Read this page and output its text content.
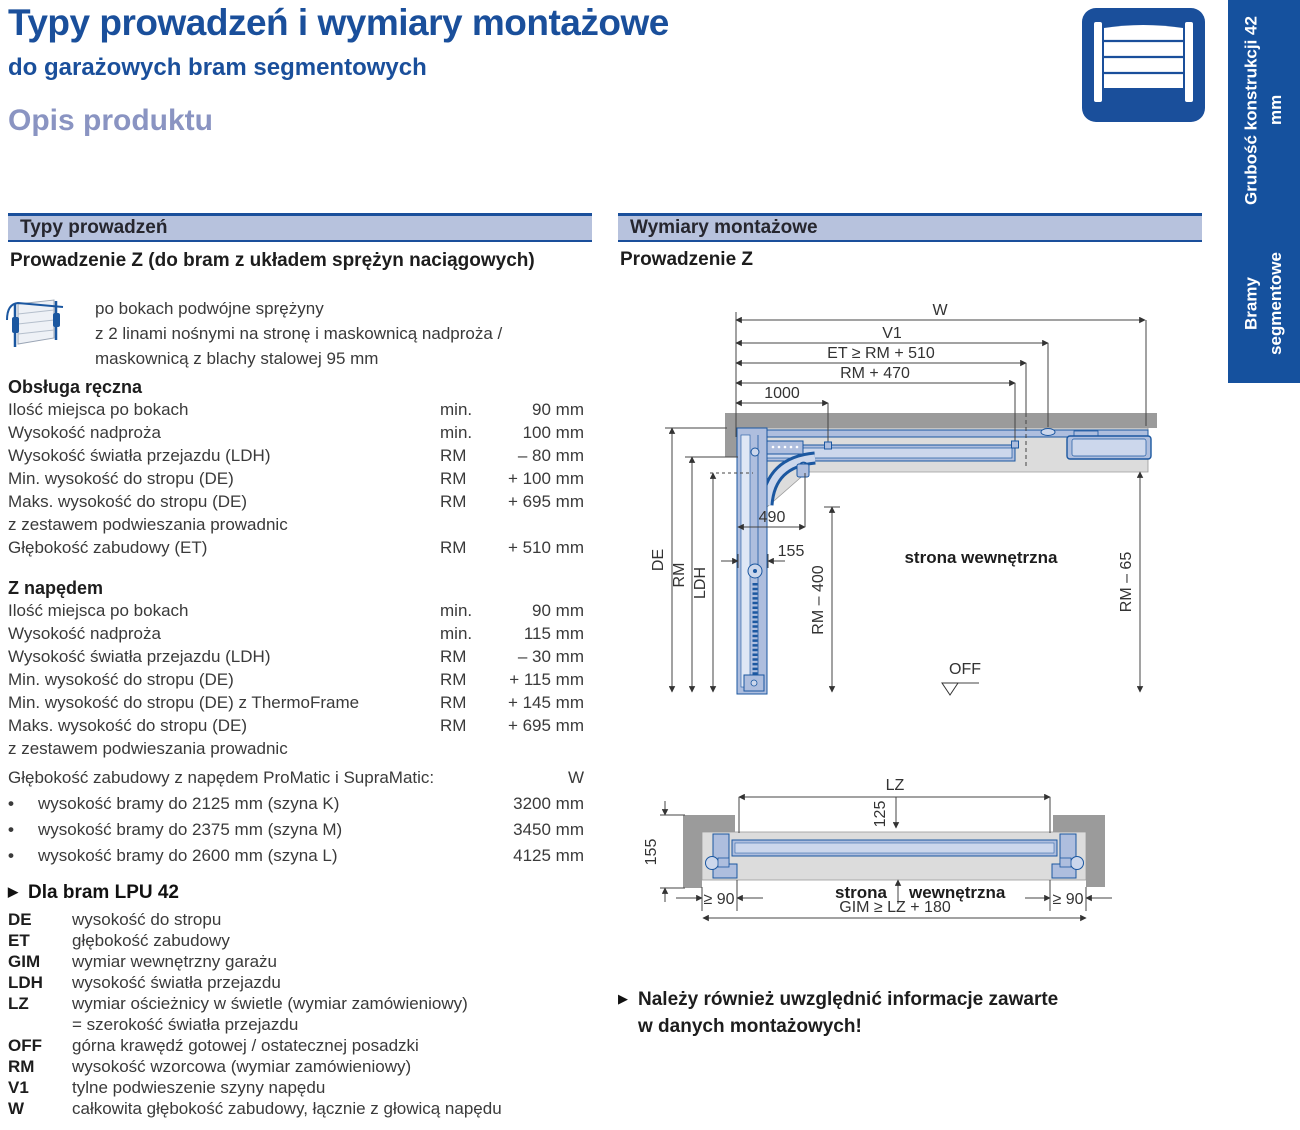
Typy prowadzeń i wymiary montażowe
do garażowych bram segmentowych
Opis produktu
Bramy segmentowe
Grubość konstrukcji 42 mm
Typy prowadzeń	Wymiary montażowe
Prowadzenie Z (do bram z układem sprężyn naciągowych)
po bokach podwójne sprężyny
z 2 linami nośnymi na stronę i maskownicą nadproża /
maskownicą z blachy stalowej 95 mm
Obsługa ręczna
Ilość miejsca po bokach	min.	90 mm
Wysokość nadproża	min.	100 mm
Wysokość światła przejazdu (LDH)	RM	– 80 mm
Min. wysokość do stropu (DE)	RM	+ 100 mm
Maks. wysokość do stropu (DE)	RM	+ 695 mm
z zestawem podwieszania prowadnic
Głębokość zabudowy (ET)	RM	+ 510 mm
Z napędem
Ilość miejsca po bokach	min.	90 mm
Wysokość nadproża	min.	115 mm
Wysokość światła przejazdu (LDH)	RM	– 30 mm
Min. wysokość do stropu (DE)	RM	+ 115 mm
Min. wysokość do stropu (DE) z ThermoFrame	RM	+ 145 mm
Maks. wysokość do stropu (DE)	RM	+ 695 mm
z zestawem podwieszania prowadnic
Głębokość zabudowy z napędem ProMatic i SupraMatic:	W
•	wysokość bramy do 2125 mm (szyna K)	3200 mm
•	wysokość bramy do 2375 mm (szyna M)	3450 mm
•	wysokość bramy do 2600 mm (szyna L)	4125 mm
▶ Dla bram LPU 42
DE	wysokość do stropu
ET	głębokość zabudowy
GIM	wymiar wewnętrzny garażu
LDH	wysokość światła przejazdu
LZ	wymiar ościeżnicy w świetle (wymiar zamówieniowy)
= szerokość światła przejazdu
OFF	górna krawędź gotowej / ostatecznej posadzki
RM	wysokość wzorcowa (wymiar zamówieniowy)
V1	tylne podwieszenie szyny napędu
W	całkowita głębokość zabudowy, łącznie z głowicą napędu
Prowadzenie Z
W
V1
ET ≥ RM + 510
RM + 470
1000
DE
RM LDH
490
155
RM – 400
strona wewnętrzna	RM – 65
OFF
LZ
125
155
strona wewnętrzna
≥ 90	≥ 90
GIM ≥ LZ + 180
▶ Należy również uwzględnić informacje zawarte
w danych montażowych!
